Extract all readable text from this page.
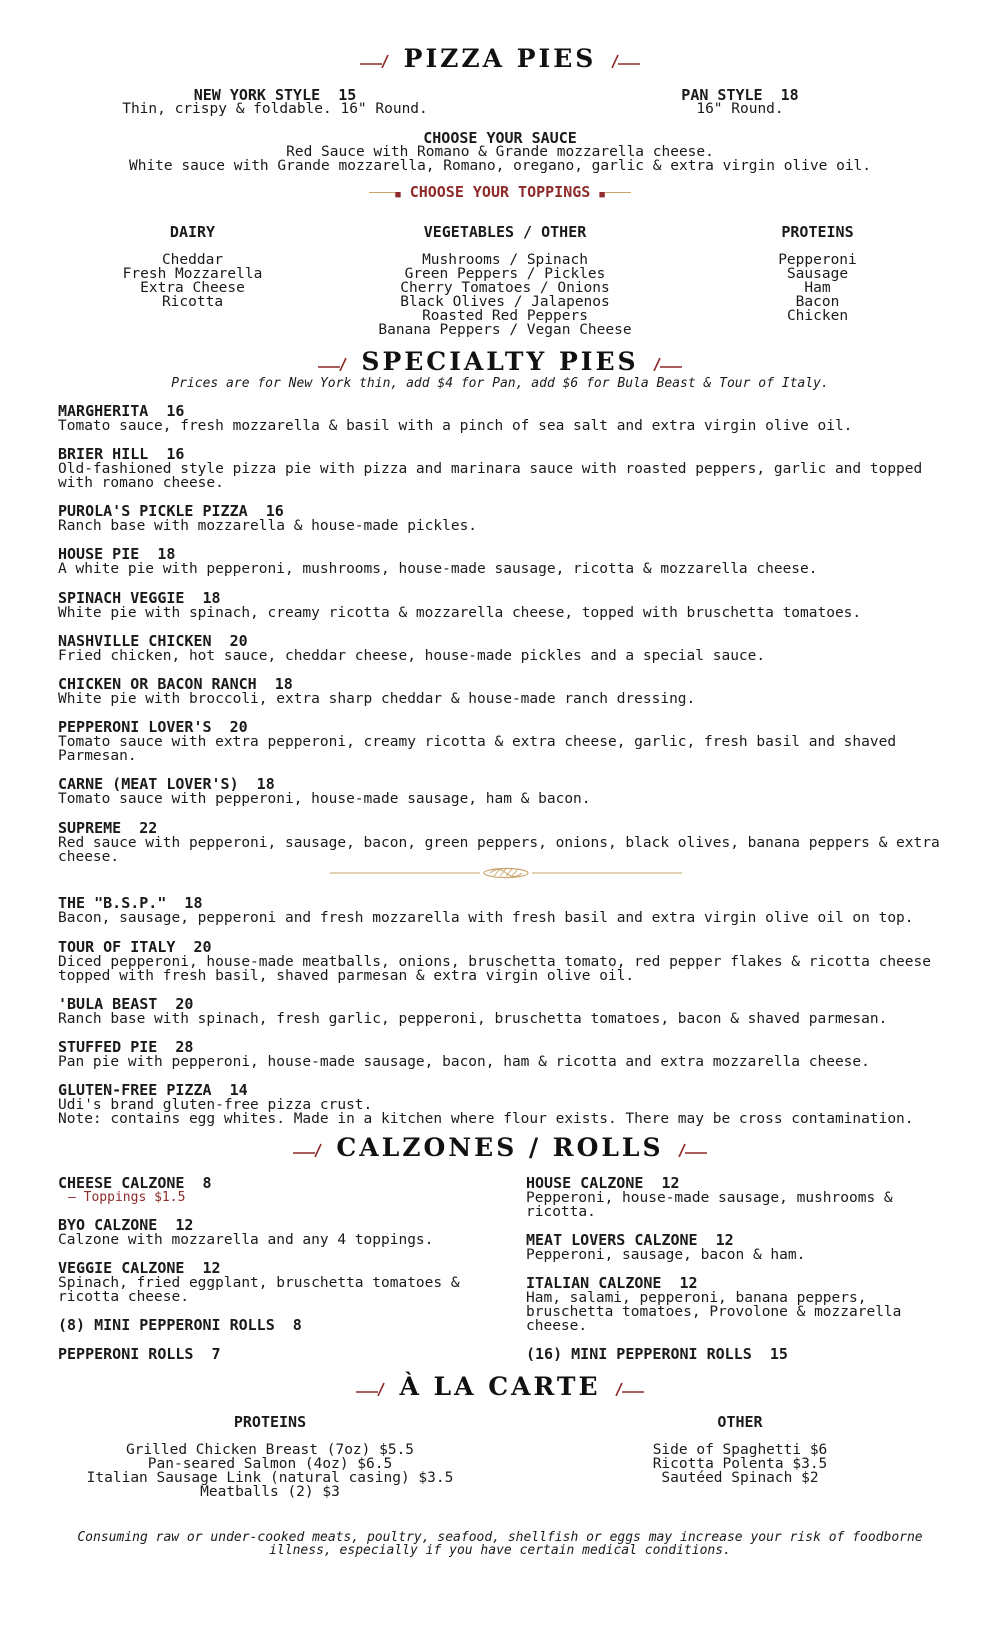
PIZZA PIES
NEW YORK STYLE  15
Thin, crispy & foldable. 16" Round.
PAN STYLE  18
16" Round.
CHOOSE YOUR SAUCE
Red Sauce with Romano & Grande mozzarella cheese.
White sauce with Grande mozzarella, Romano, oregano, garlic & extra virgin olive oil.
■ CHOOSE YOUR TOPPINGS ■
DAIRY
Cheddar
Fresh Mozzarella
Extra Cheese
Ricotta
VEGETABLES / OTHER
Mushrooms / Spinach
Green Peppers / Pickles
Cherry Tomatoes / Onions
Black Olives / Jalapenos
Roasted Red Peppers
Banana Peppers / Vegan Cheese
PROTEINS
Pepperoni
Sausage
Ham
Bacon
Chicken
SPECIALTY PIES
Prices are for New York thin, add $4 for Pan, add $6 for Bula Beast & Tour of Italy.
MARGHERITA  16
Tomato sauce, fresh mozzarella & basil with a pinch of sea salt and extra virgin olive oil.
BRIER HILL  16
Old-fashioned style pizza pie with pizza and marinara sauce with roasted peppers, garlic and topped with romano cheese.
PUROLA'S PICKLE PIZZA  16
Ranch base with mozzarella & house-made pickles.
HOUSE PIE  18
A white pie with pepperoni, mushrooms, house-made sausage, ricotta & mozzarella cheese.
SPINACH VEGGIE  18
White pie with spinach, creamy ricotta & mozzarella cheese, topped with bruschetta tomatoes.
NASHVILLE CHICKEN  20
Fried chicken, hot sauce, cheddar cheese, house-made pickles and a special sauce.
CHICKEN OR BACON RANCH  18
White pie with broccoli, extra sharp cheddar & house-made ranch dressing.
PEPPERONI LOVER'S  20
Tomato sauce with extra pepperoni, creamy ricotta & extra cheese, garlic, fresh basil and shaved Parmesan.
CARNE (MEAT LOVER'S)  18
Tomato sauce with pepperoni, house-made sausage, ham & bacon.
SUPREME  22
Red sauce with pepperoni, sausage, bacon, green peppers, onions, black olives, banana peppers & extra cheese.
THE "B.S.P."  18
Bacon, sausage, pepperoni and fresh mozzarella with fresh basil and extra virgin olive oil on top.
TOUR OF ITALY  20
Diced pepperoni, house-made meatballs, onions, bruschetta tomato, red pepper flakes & ricotta cheese topped with fresh basil, shaved parmesan & extra virgin olive oil.
'BULA BEAST  20
Ranch base with spinach, fresh garlic, pepperoni, bruschetta tomatoes, bacon & shaved parmesan.
STUFFED PIE  28
Pan pie with pepperoni, house-made sausage, bacon, ham & ricotta and extra mozzarella cheese.
GLUTEN-FREE PIZZA  14
Udi's brand gluten-free pizza crust.
Note: contains egg whites. Made in a kitchen where flour exists. There may be cross contamination.
CALZONES / ROLLS
CHEESE CALZONE  8
— Toppings $1.5
BYO CALZONE  12
Calzone with mozzarella and any 4 toppings.
VEGGIE CALZONE  12
Spinach, fried eggplant, bruschetta tomatoes & ricotta cheese.
(8) MINI PEPPERONI ROLLS  8
PEPPERONI ROLLS  7
HOUSE CALZONE  12
Pepperoni, house-made sausage, mushrooms & ricotta.
MEAT LOVERS CALZONE  12
Pepperoni, sausage, bacon & ham.
ITALIAN CALZONE  12
Ham, salami, pepperoni, banana peppers, bruschetta tomatoes, Provolone & mozzarella cheese.
(16) MINI PEPPERONI ROLLS  15
À LA CARTE
PROTEINS
Grilled Chicken Breast (7oz) $5.5
Pan-seared Salmon (4oz) $6.5
Italian Sausage Link (natural casing) $3.5
Meatballs (2) $3
OTHER
Side of Spaghetti $6
Ricotta Polenta $3.5
Sautéed Spinach $2
Consuming raw or under-cooked meats, poultry, seafood, shellfish or eggs may increase your risk of foodborne illness, especially if you have certain medical conditions.
